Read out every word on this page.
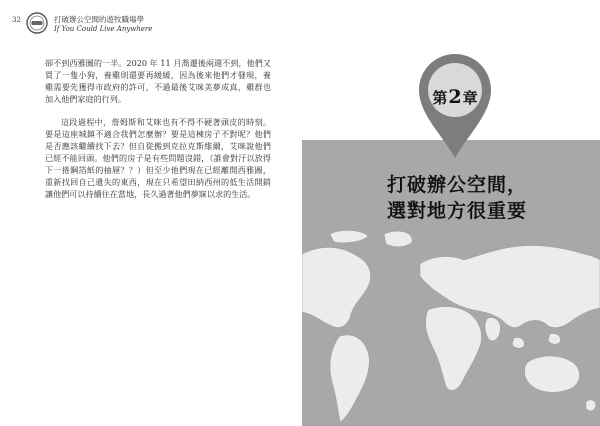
32	打破辦公空間的遊牧職場學
If You Could Live Anywhere

卻不到西雅圖的一半。2020 年 11 月喬遷後兩週不到，他們又買了一隻小狗，養雞則還要再緩緩，因為後來他們才發現，養雞需要先獲得市政府的許可，不過最後艾咪美夢成真，雞群也加入他們家庭的行列。

這段過程中，詹姆斯和艾咪也有不得不硬著頭皮的時刻。要是這座城鎮不適合我們怎麼辦？要是這棟房子不對呢？他們是否應該繼續找下去？但自從搬到克拉克斯維爾，艾咪說他們已經不能回頭。他們的房子是有些問題沒錯，（誰會對汙以放得下一捲鋼箔紙的抽屜？？）但至少他們現在已經離開西雅圖，重新找回自己遺失的東西，現在只希望田納西州的低生活開銷讓他們可以持續住在當地，長久過著他們夢寐以求的生活。

第2章
打破辦公空間，
選對地方很重要
